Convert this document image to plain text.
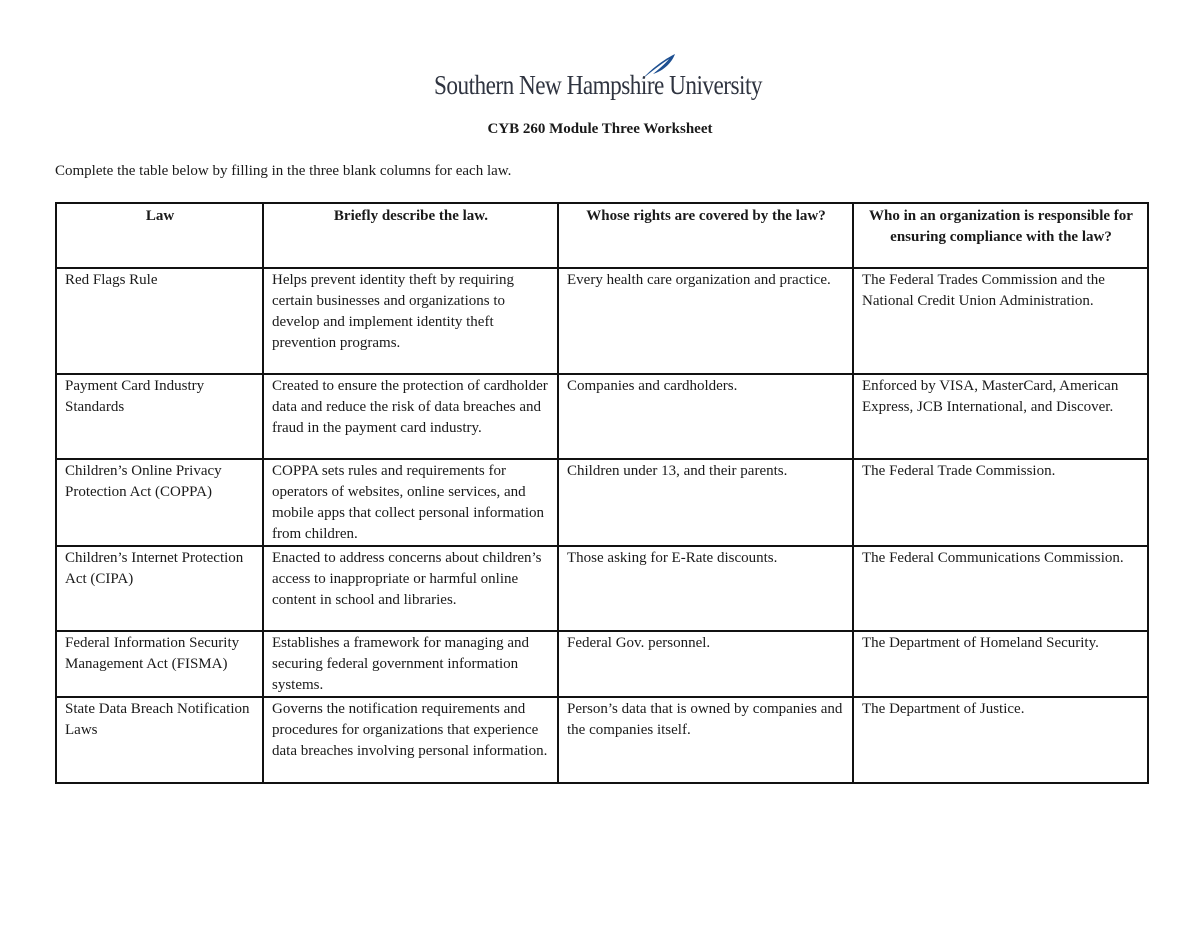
Southern New Hampshire University
CYB 260 Module Three Worksheet

Complete the table below by filling in the three blank columns for each law.

Law	Briefly describe the law.	Whose rights are covered by the law?	Who in an organization is responsible for ensuring compliance with the law?
Red Flags Rule	Helps prevent identity theft by requiring certain businesses and organizations to develop and implement identity theft prevention programs.	Every health care organization and practice.	The Federal Trades Commission and the National Credit Union Administration.
Payment Card Industry Standards	Created to ensure the protection of cardholder data and reduce the risk of data breaches and fraud in the payment card industry.	Companies and cardholders.	Enforced by VISA, MasterCard, American Express, JCB International, and Discover.
Children’s Online Privacy Protection Act (COPPA)	COPPA sets rules and requirements for operators of websites, online services, and mobile apps that collect personal information from children.	Children under 13, and their parents.	The Federal Trade Commission.
Children’s Internet Protection Act (CIPA)	Enacted to address concerns about children’s access to inappropriate or harmful online content in school and libraries.	Those asking for E-Rate discounts.	The Federal Communications Commission.
Federal Information Security Management Act (FISMA)	Establishes a framework for managing and securing federal government information systems.	Federal Gov. personnel.	The Department of Homeland Security.
State Data Breach Notification Laws	Governs the notification requirements and procedures for organizations that experience data breaches involving personal information.	Person’s data that is owned by companies and the companies itself.	The Department of Justice.
